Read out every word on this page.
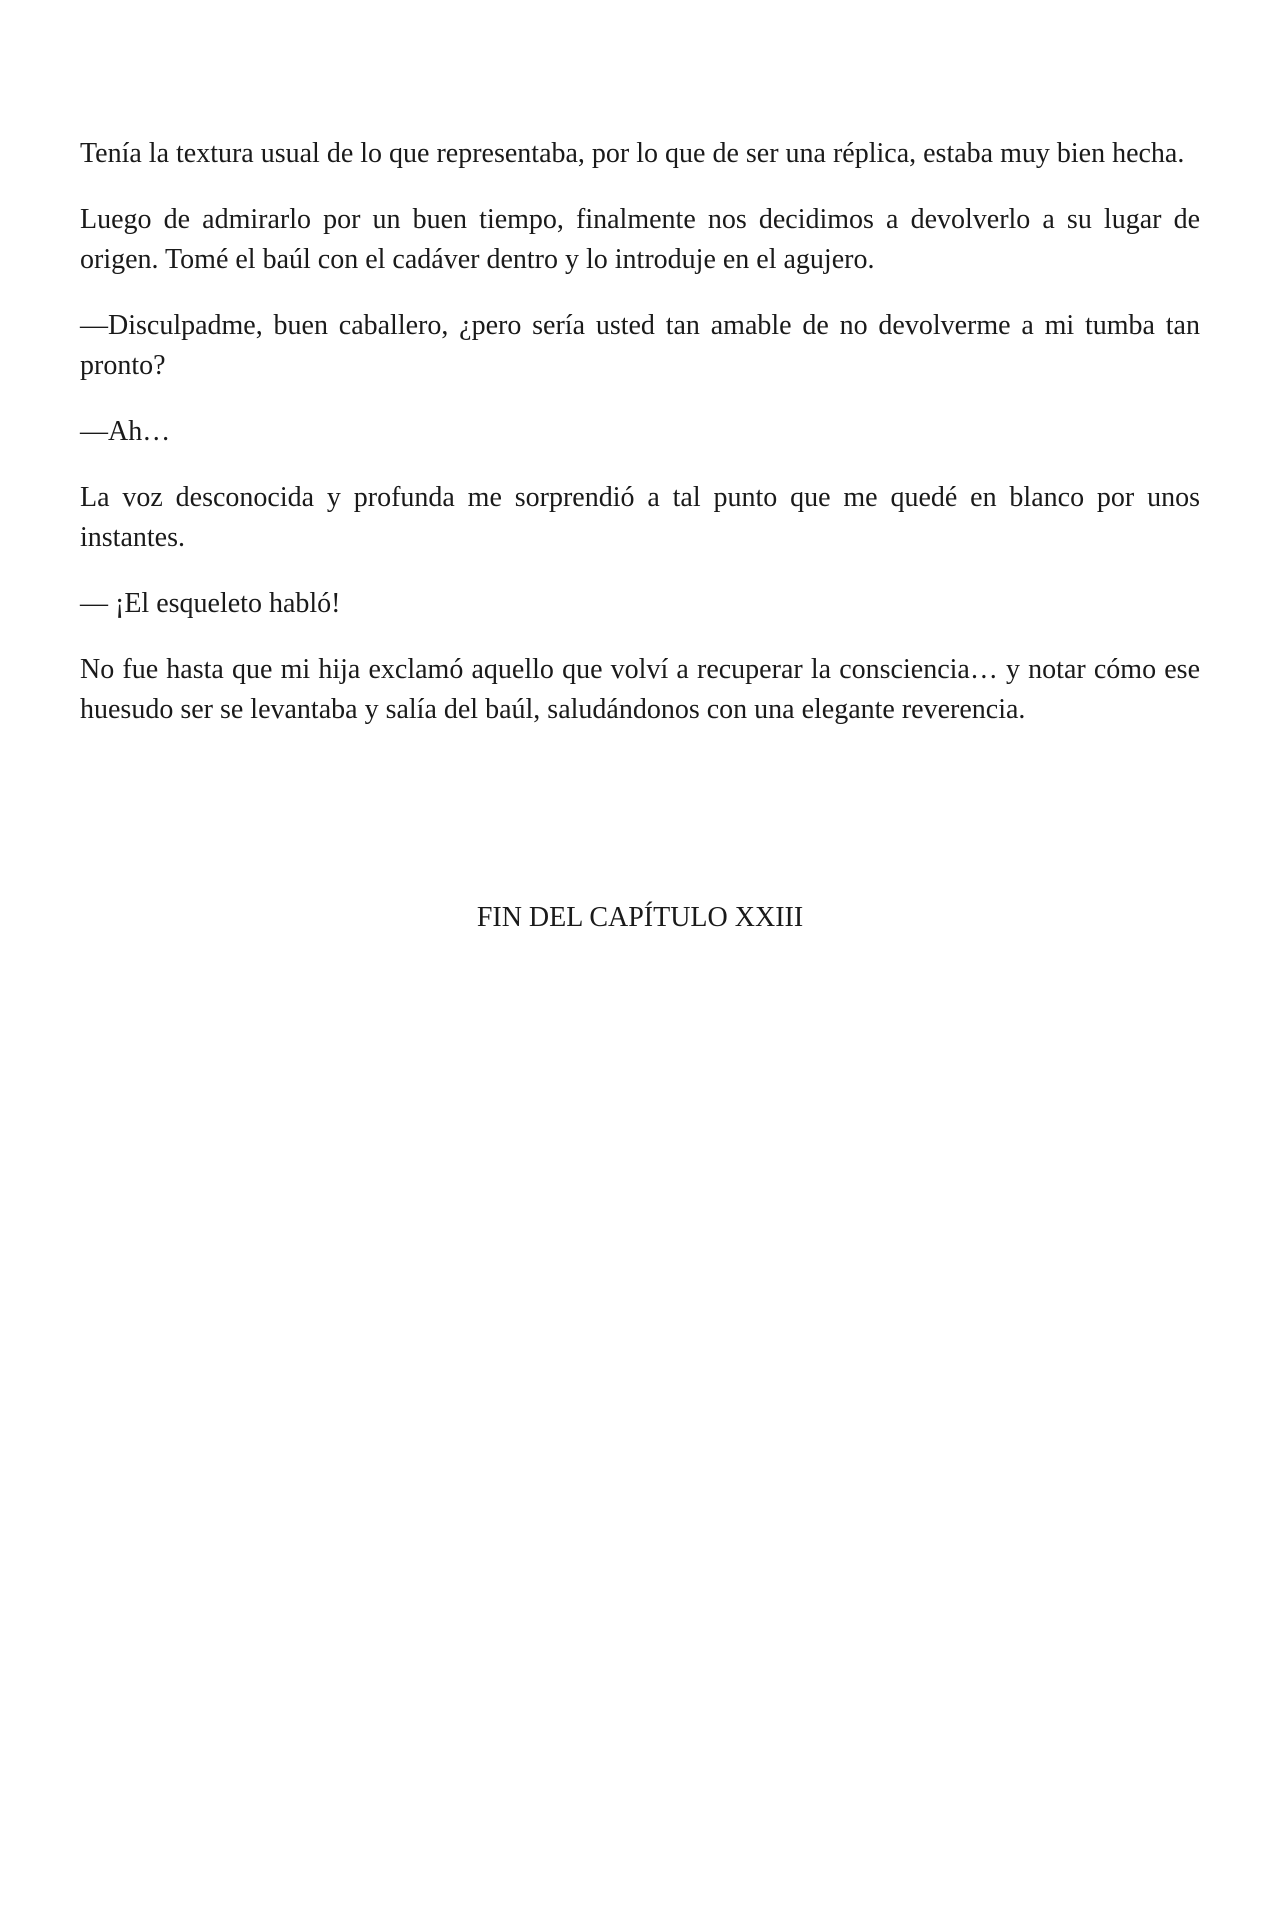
Tenía la textura usual de lo que representaba, por lo que de ser una réplica, estaba muy bien hecha.

Luego de admirarlo por un buen tiempo, finalmente nos decidimos a devolverlo a su lugar de origen. Tomé el baúl con el cadáver dentro y lo introduje en el agujero.

—Disculpadme, buen caballero, ¿pero sería usted tan amable de no devolverme a mi tumba tan pronto?

—Ah…

La voz desconocida y profunda me sorprendió a tal punto que me quedé en blanco por unos instantes.

— ¡El esqueleto habló!

No fue hasta que mi hija exclamó aquello que volví a recuperar la consciencia… y notar cómo ese huesudo ser se levantaba y salía del baúl, saludándonos con una elegante reverencia.

FIN DEL CAPÍTULO XXIII
